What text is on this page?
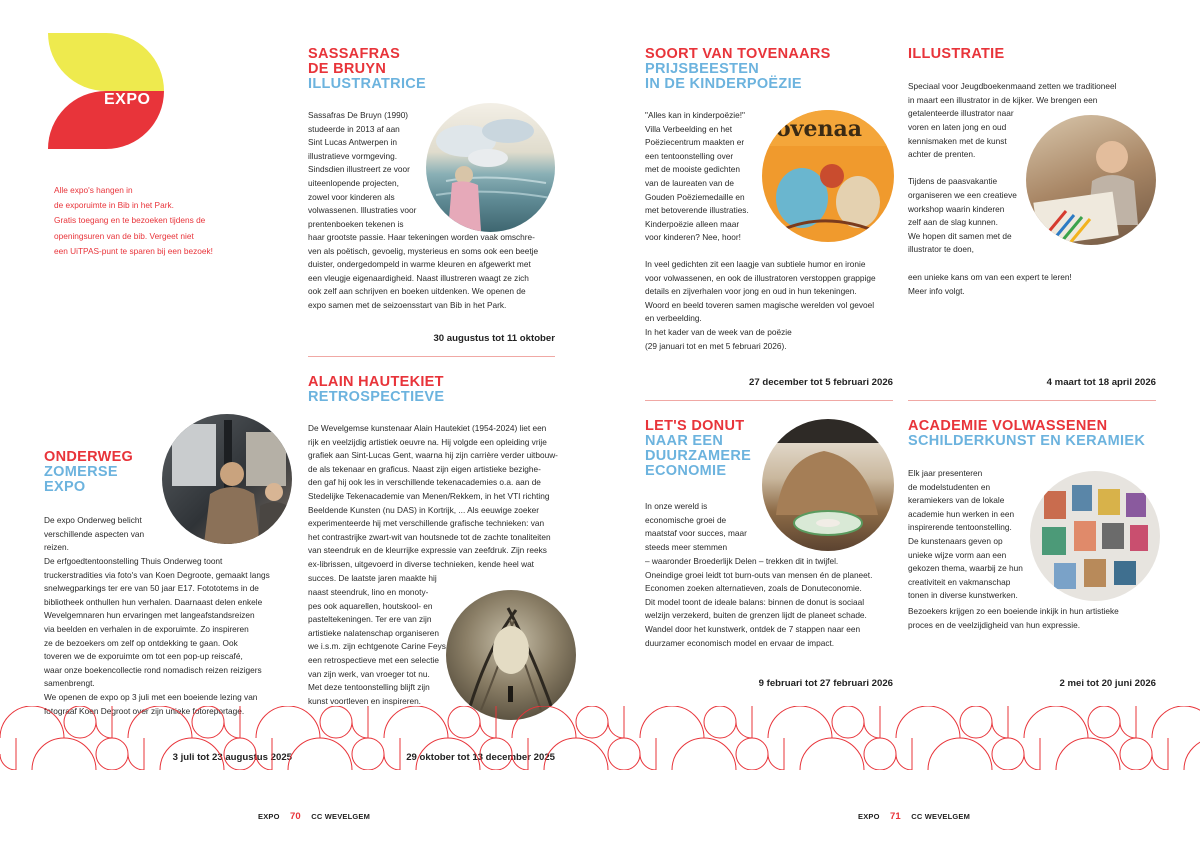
EXPO
Alle expo's hangen in
de exporuimte in Bib in het Park.
Gratis toegang en te bezoeken tijdens de
openingsuren van de bib. Vergeet niet
een UiTPAS-punt te sparen bij een bezoek!
SASSAFRAS
DE BRUYN
ILLUSTRATRICE
Sassafras De Bruyn (1990)
studeerde in 2013 af aan
Sint Lucas Antwerpen in
illustratieve vormgeving.
Sindsdien illustreert ze voor
uiteenlopende projecten,
zowel voor kinderen als
volwassenen. Illustraties voor
prentenboeken tekenen is
haar grootste passie. Haar tekeningen worden vaak omschre-
ven als poëtisch, gevoelig, mysterieus en soms ook een beetje
duister, ondergedompeld in warme kleuren en afgewerkt met
een vleugje eigenaardigheid. Naast illustreren waagt ze zich
ook zelf aan schrijven en boeken uitdenken. We openen de
expo samen met de seizoensstart van Bib in het Park.
30 augustus tot 11 oktober
ALAIN HAUTEKIET
RETROSPECTIEVE
De Wevelgemse kunstenaar Alain Hautekiet (1954-2024) liet een
rijk en veelzijdig artistiek oeuvre na. Hij volgde een opleiding vrije
grafiek aan Sint-Lucas Gent, waarna hij zijn carrière verder uitbouw-
de als tekenaar en graficus. Naast zijn eigen artistieke bezighe-
den gaf hij ook les in verschillende tekenacademies o.a. aan de
Stedelijke Tekenacademie van Menen/Rekkem, in het VTI richting
Beeldende Kunsten (nu DAS) in Kortrijk, ... Als eeuwige zoeker
experimenteerde hij met verschillende grafische technieken: van
het contrastrijke zwart-wit van houtsnede tot de zachte tonaliteiten
van steendruk en de kleurrijke expressie van zeefdruk. Zijn reeks
ex-librissen, uitgevoerd in diverse technieken, kende heel wat
succes. De laatste jaren maakte hij
naast steendruk, lino en monoty-
pes ook aquarellen, houtskool- en
pasteltekeningen. Ter ere van zijn
artistieke nalatenschap organiseren
we i.s.m. zijn echtgenote Carine Feys
een retrospectieve met een selectie
van zijn werk, van vroeger tot nu.
Met deze tentoonstelling blijft zijn
kunst voortleven en inspireren.
29 oktober tot 13 december 2025
ONDERWEG
ZOMERSE
EXPO
De expo Onderweg belicht
verschillende aspecten van
reizen.
De erfgoedtentoonstelling Thuis Onderweg toont
truckerstradities via foto's van Koen Degroote, gemaakt langs
snelwegparkings ter ere van 50 jaar E17. Fotototems in de
bibliotheek onthullen hun verhalen. Daarnaast delen enkele
Wevelgemnaren hun ervaringen met langeafstandsreizen
via beelden en verhalen in de exporuimte. Zo inspireren
ze de bezoekers om zelf op ontdekking te gaan. Ook
toveren we de exporuimte om tot een pop-up reiscafé,
waar onze boekencollectie rond nomadisch reizen reizigers
samenbrengt.
We openen de expo op 3 juli met een boeiende lezing van
fotograaf Koen Degroot over zijn unieke fotoreportage.
3 juli tot 23 augustus 2025
SOORT VAN TOVENAARS
PRIJSBEESTEN
IN DE KINDERPOËZIE
ovenaa
"Alles kan in kinderpoëzie!"
Villa Verbeelding en het
Poëziecentrum maakten er
een tentoonstelling over
met de mooiste gedichten
van de laureaten van de
Gouden Poëziemedaille en
met betoverende illustraties.
Kinderpoëzie alleen maar
voor kinderen? Nee, hoor!
In veel gedichten zit een laagje van subtiele humor en ironie
voor volwassenen, en ook de illustratoren verstoppen grappige
details en zijverhalen voor jong en oud in hun tekeningen.
Woord en beeld toveren samen magische werelden vol gevoel
en verbeelding.
In het kader van de week van de poëzie
(29 januari tot en met 5 februari 2026).
27 december tot 5 februari 2026
ILLUSTRATIE
Speciaal voor Jeugdboekenmaand zetten we traditioneel
in maart een illustrator in de kijker. We brengen een
getalenteerde illustrator naar
voren en laten jong en oud
kennismaken met de kunst
achter de prenten.

Tijdens de paasvakantie
organiseren we een creatieve
workshop waarin kinderen
zelf aan de slag kunnen.
We hopen dit samen met de
illustrator te doen,
een unieke kans om van een expert te leren!
Meer info volgt.
4 maart tot 18 april 2026
LET'S DONUT
NAAR EEN
DUURZAMERE
ECONOMIE
In onze wereld is
economische groei de
maatstaf voor succes, maar
steeds meer stemmen
– waaronder Broederlijk Delen – trekken dit in twijfel.
Oneindige groei leidt tot burn-outs van mensen én de planeet.
Economen zoeken alternatieven, zoals de Donuteconomie.
Dit model toont de ideale balans: binnen de donut is sociaal
welzijn verzekerd, buiten de grenzen lijdt de planeet schade.
Wandel door het kunstwerk, ontdek de 7 stappen naar een
duurzamer economisch model en ervaar de impact.
9 februari tot 27 februari 2026
ACADEMIE VOLWASSENEN
SCHILDERKUNST EN KERAMIEK
Elk jaar presenteren
de modelstudenten en
keramiekers van de lokale
academie hun werken in een
inspirerende tentoonstelling.
De kunstenaars geven op
unieke wijze vorm aan een
gekozen thema, waarbij ze hun
creativiteit en vakmanschap
tonen in diverse kunstwerken.
Bezoekers krijgen zo een boeiende inkijk in hun artistieke
proces en de veelzijdigheid van hun expressie.
2 mei tot 20 juni 2026
EXPO 70 CC WEVELGEM	EXPO 71 CC WEVELGEM
